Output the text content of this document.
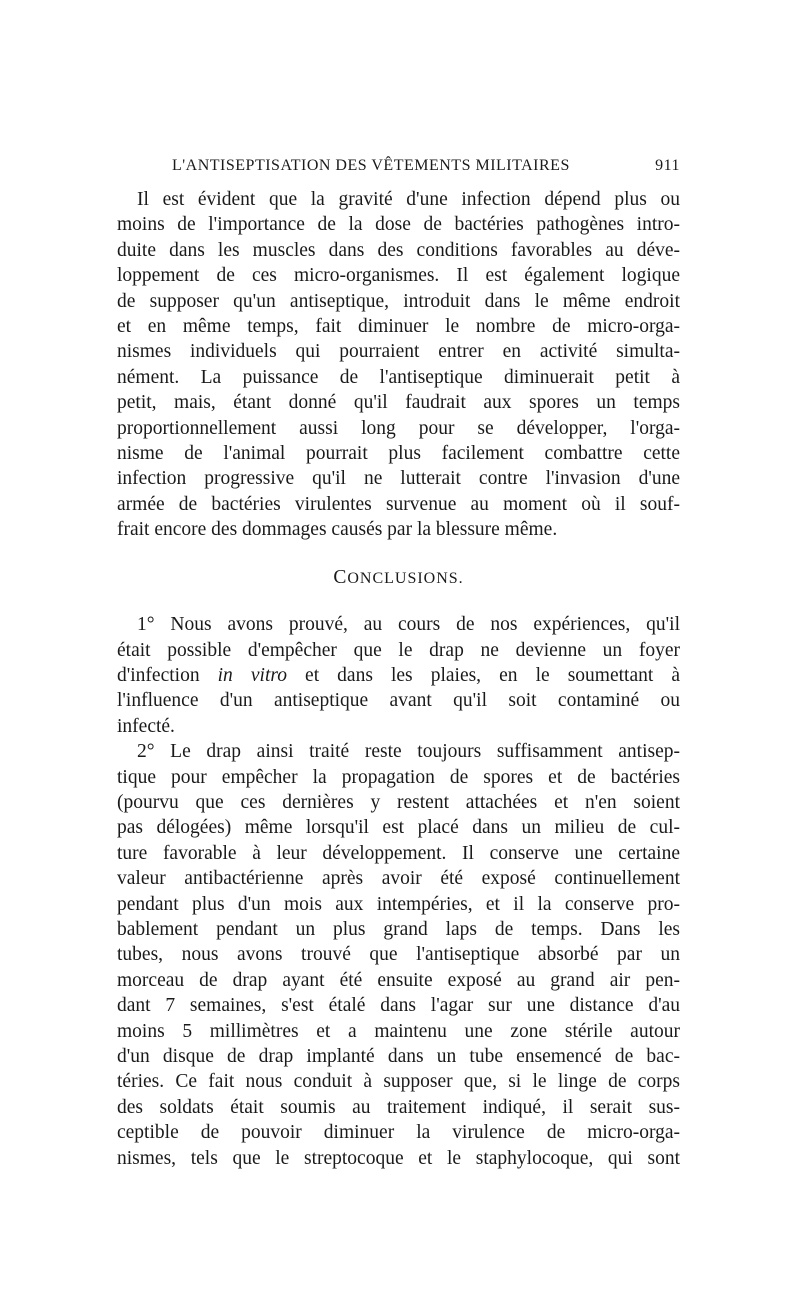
L'ANTISEPTISATION DES VÊTEMENTS MILITAIRES	911
Il est évident que la gravité d'une infection dépend plus ou
moins de l'importance de la dose de bactéries pathogènes intro-
duite dans les muscles dans des conditions favorables au déve-
loppement de ces micro-organismes. Il est également logique
de supposer qu'un antiseptique, introduit dans le même endroit
et en même temps, fait diminuer le nombre de micro-orga-
nismes individuels qui pourraient entrer en activité simulta-
nément. La puissance de l'antiseptique diminuerait petit à
petit, mais, étant donné qu'il faudrait aux spores un temps
proportionnellement aussi long pour se développer, l'orga-
nisme de l'animal pourrait plus facilement combattre cette
infection progressive qu'il ne lutterait contre l'invasion d'une
armée de bactéries virulentes survenue au moment où il souf-
frait encore des dommages causés par la blessure même.
CONCLUSIONS.
1° Nous avons prouvé, au cours de nos expériences, qu'il
était possible d'empêcher que le drap ne devienne un foyer
d'infection in vitro et dans les plaies, en le soumettant à
l'influence d'un antiseptique avant qu'il soit contaminé ou
infecté.
2° Le drap ainsi traité reste toujours suffisamment antisep-
tique pour empêcher la propagation de spores et de bactéries
(pourvu que ces dernières y restent attachées et n'en soient
pas délogées) même lorsqu'il est placé dans un milieu de cul-
ture favorable à leur développement. Il conserve une certaine
valeur antibactérienne après avoir été exposé continuellement
pendant plus d'un mois aux intempéries, et il la conserve pro-
bablement pendant un plus grand laps de temps. Dans les
tubes, nous avons trouvé que l'antiseptique absorbé par un
morceau de drap ayant été ensuite exposé au grand air pen-
dant 7 semaines, s'est étalé dans l'agar sur une distance d'au
moins 5 millimètres et a maintenu une zone stérile autour
d'un disque de drap implanté dans un tube ensemencé de bac-
téries. Ce fait nous conduit à supposer que, si le linge de corps
des soldats était soumis au traitement indiqué, il serait sus-
ceptible de pouvoir diminuer la virulence de micro-orga-
nismes, tels que le streptocoque et le staphylocoque, qui sont
